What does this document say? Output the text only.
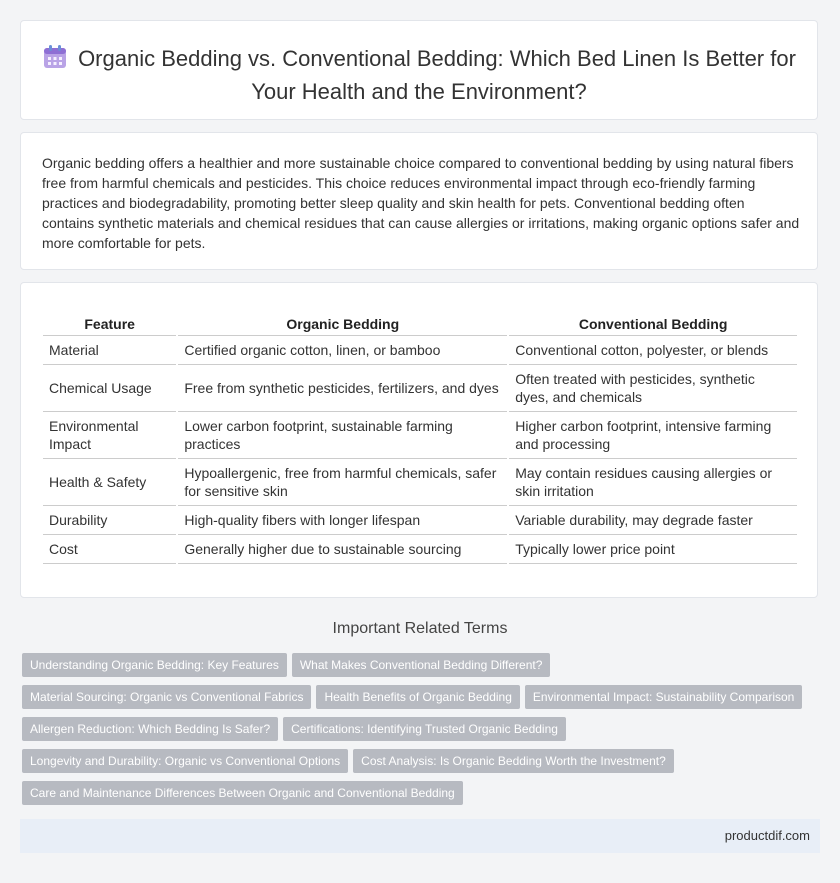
Organic Bedding vs. Conventional Bedding: Which Bed Linen Is Better for Your Health and the Environment?

Organic bedding offers a healthier and more sustainable choice compared to conventional bedding by using natural fibers free from harmful chemicals and pesticides. This choice reduces environmental impact through eco-friendly farming practices and biodegradability, promoting better sleep quality and skin health for pets. Conventional bedding often contains synthetic materials and chemical residues that can cause allergies or irritations, making organic options safer and more comfortable for pets.

Feature	Organic Bedding	Conventional Bedding
Material	Certified organic cotton, linen, or bamboo	Conventional cotton, polyester, or blends
Chemical Usage	Free from synthetic pesticides, fertilizers, and dyes	Often treated with pesticides, synthetic dyes, and chemicals
Environmental Impact	Lower carbon footprint, sustainable farming practices	Higher carbon footprint, intensive farming and processing
Health & Safety	Hypoallergenic, free from harmful chemicals, safer for sensitive skin	May contain residues causing allergies or skin irritation
Durability	High-quality fibers with longer lifespan	Variable durability, may degrade faster
Cost	Generally higher due to sustainable sourcing	Typically lower price point
Important Related Terms
Understanding Organic Bedding: Key Features What Makes Conventional Bedding Different?
Material Sourcing: Organic vs Conventional Fabrics Health Benefits of Organic Bedding Environmental Impact: Sustainability Comparison
Allergen Reduction: Which Bedding Is Safer? Certifications: Identifying Trusted Organic Bedding
Longevity and Durability: Organic vs Conventional Options Cost Analysis: Is Organic Bedding Worth the Investment?
Care and Maintenance Differences Between Organic and Conventional Bedding
productdif.com
